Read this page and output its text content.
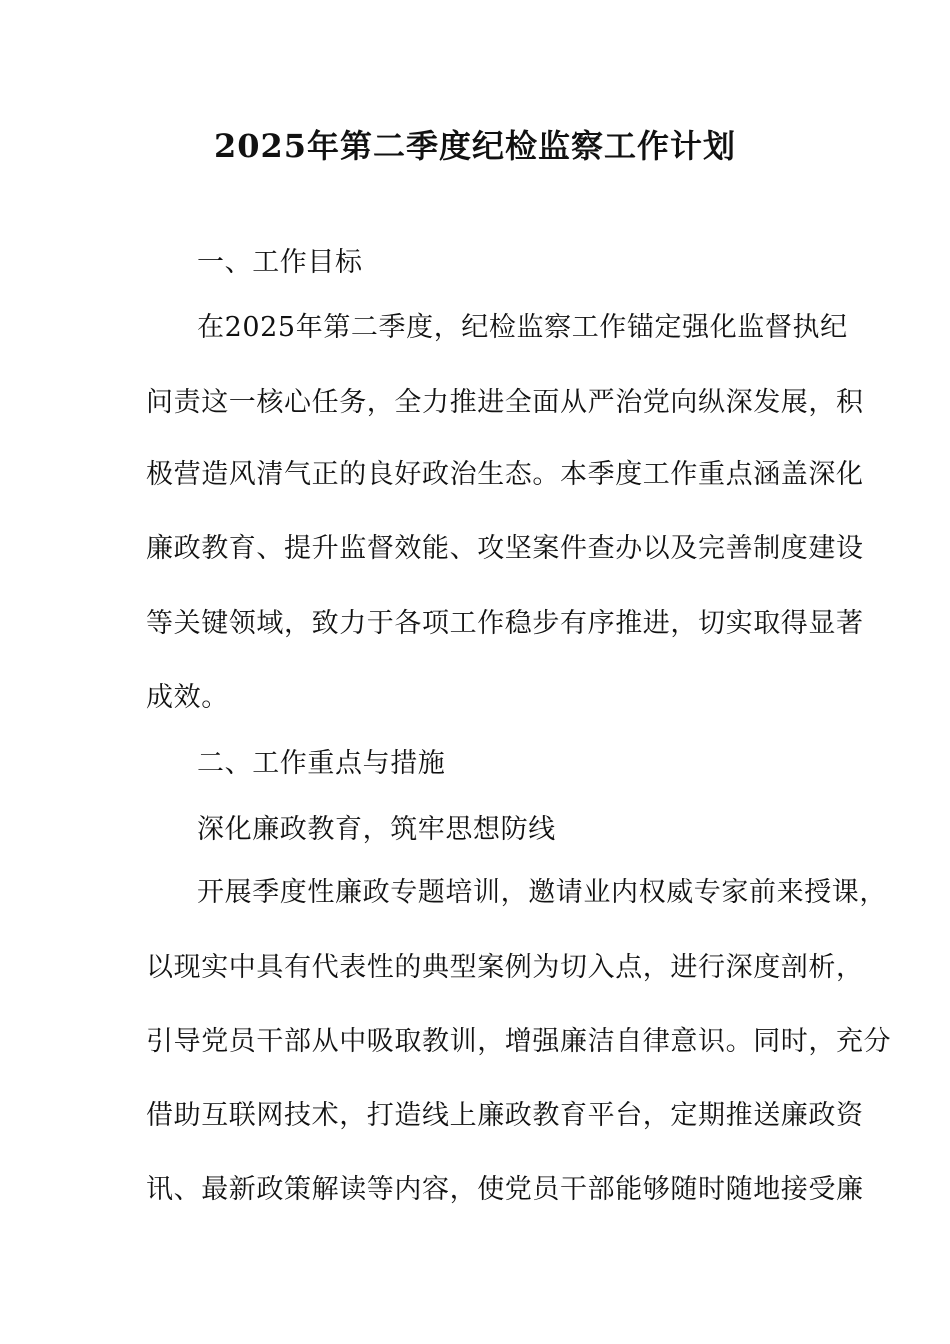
2025年第二季度纪检监察工作计划
一、工作目标
在2025年第二季度，纪检监察工作锚定强化监督执纪
问责这一核心任务，全力推进全面从严治党向纵深发展，积
极营造风清气正的良好政治生态。本季度工作重点涵盖深化
廉政教育、提升监督效能、攻坚案件查办以及完善制度建设
等关键领域，致力于各项工作稳步有序推进，切实取得显著
成效。
二、工作重点与措施
深化廉政教育，筑牢思想防线
开展季度性廉政专题培训，邀请业内权威专家前来授课，
以现实中具有代表性的典型案例为切入点，进行深度剖析，
引导党员干部从中吸取教训，增强廉洁自律意识。同时，充分
借助互联网技术，打造线上廉政教育平台，定期推送廉政资
讯、最新政策解读等内容，使党员干部能够随时随地接受廉
